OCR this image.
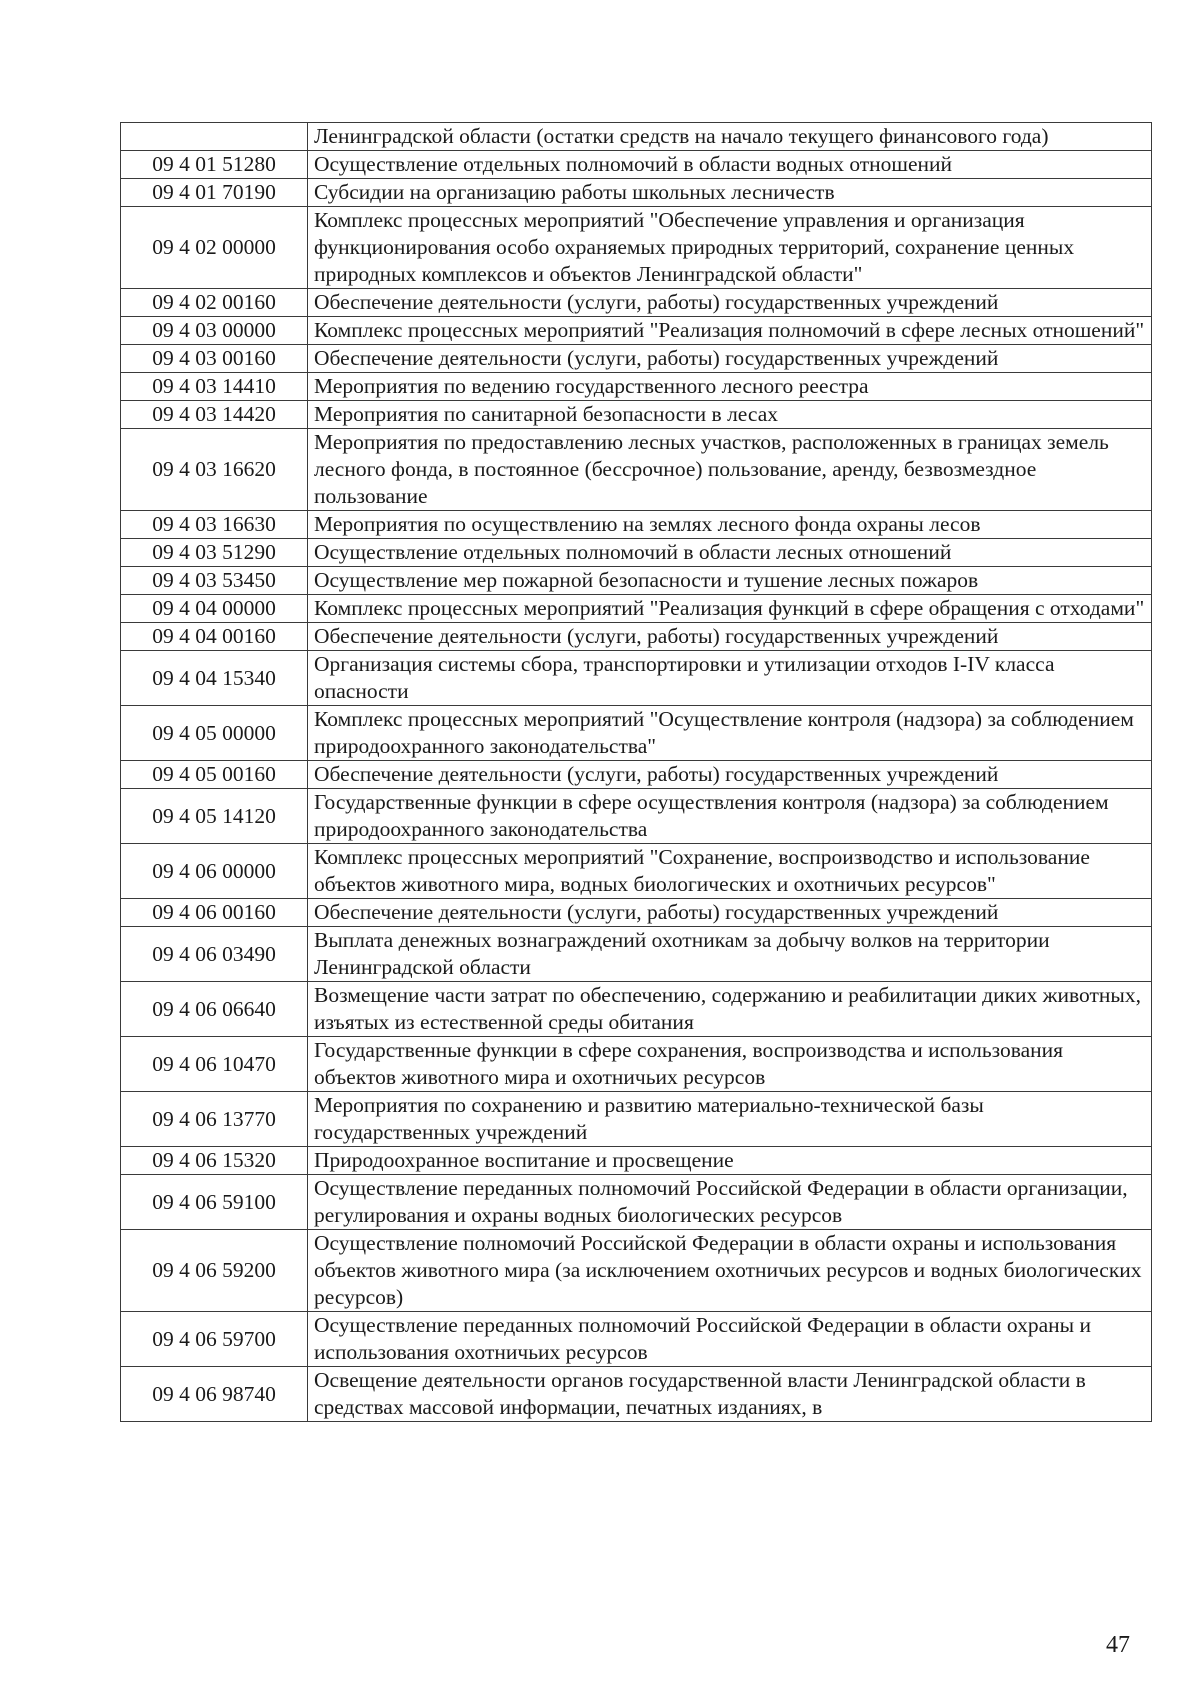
	Ленинградской области (остатки средств на начало текущего финансового года)
09 4 01 51280	Осуществление отдельных полномочий в области водных отношений
09 4 01 70190	Субсидии на организацию работы школьных лесничеств
09 4 02 00000	Комплекс процессных мероприятий "Обеспечение управления и организация функционирования особо охраняемых природных территорий, сохранение ценных природных комплексов и объектов Ленинградской области"
09 4 02 00160	Обеспечение деятельности (услуги, работы) государственных учреждений
09 4 03 00000	Комплекс процессных мероприятий "Реализация полномочий в сфере лесных отношений"
09 4 03 00160	Обеспечение деятельности (услуги, работы) государственных учреждений
09 4 03 14410	Мероприятия по ведению государственного лесного реестра
09 4 03 14420	Мероприятия по санитарной безопасности в лесах
09 4 03 16620	Мероприятия по предоставлению лесных участков, расположенных в границах земель лесного фонда, в постоянное (бессрочное) пользование, аренду, безвозмездное пользование
09 4 03 16630	Мероприятия по осуществлению на землях лесного фонда охраны лесов
09 4 03 51290	Осуществление отдельных полномочий в области лесных отношений
09 4 03 53450	Осуществление мер пожарной безопасности и тушение лесных пожаров
09 4 04 00000	Комплекс процессных мероприятий "Реализация функций в сфере обращения с отходами"
09 4 04 00160	Обеспечение деятельности (услуги, работы) государственных учреждений
09 4 04 15340	Организация системы сбора, транспортировки и утилизации отходов I-IV класса опасности
09 4 05 00000	Комплекс процессных мероприятий "Осуществление контроля (надзора) за соблюдением природоохранного законодательства"
09 4 05 00160	Обеспечение деятельности (услуги, работы) государственных учреждений
09 4 05 14120	Государственные функции в сфере осуществления контроля (надзора) за соблюдением природоохранного законодательства
09 4 06 00000	Комплекс процессных мероприятий "Сохранение, воспроизводство и использование объектов животного мира, водных биологических и охотничьих ресурсов"
09 4 06 00160	Обеспечение деятельности (услуги, работы) государственных учреждений
09 4 06 03490	Выплата денежных вознаграждений охотникам за добычу волков на территории Ленинградской области
09 4 06 06640	Возмещение части затрат по обеспечению, содержанию и реабилитации диких животных, изъятых из естественной среды обитания
09 4 06 10470	Государственные функции в сфере сохранения, воспроизводства и использования объектов животного мира и охотничьих ресурсов
09 4 06 13770	Мероприятия по сохранению и развитию материально-технической базы государственных учреждений
09 4 06 15320	Природоохранное воспитание и просвещение
09 4 06 59100	Осуществление переданных полномочий Российской Федерации в области организации, регулирования и охраны водных биологических ресурсов
09 4 06 59200	Осуществление полномочий Российской Федерации в области охраны и использования объектов животного мира (за исключением охотничьих ресурсов и водных биологических ресурсов)
09 4 06 59700	Осуществление переданных полномочий Российской Федерации в области охраны и использования охотничьих ресурсов
09 4 06 98740	Освещение деятельности органов государственной власти Ленинградской области в средствах массовой информации, печатных изданиях, в
47
